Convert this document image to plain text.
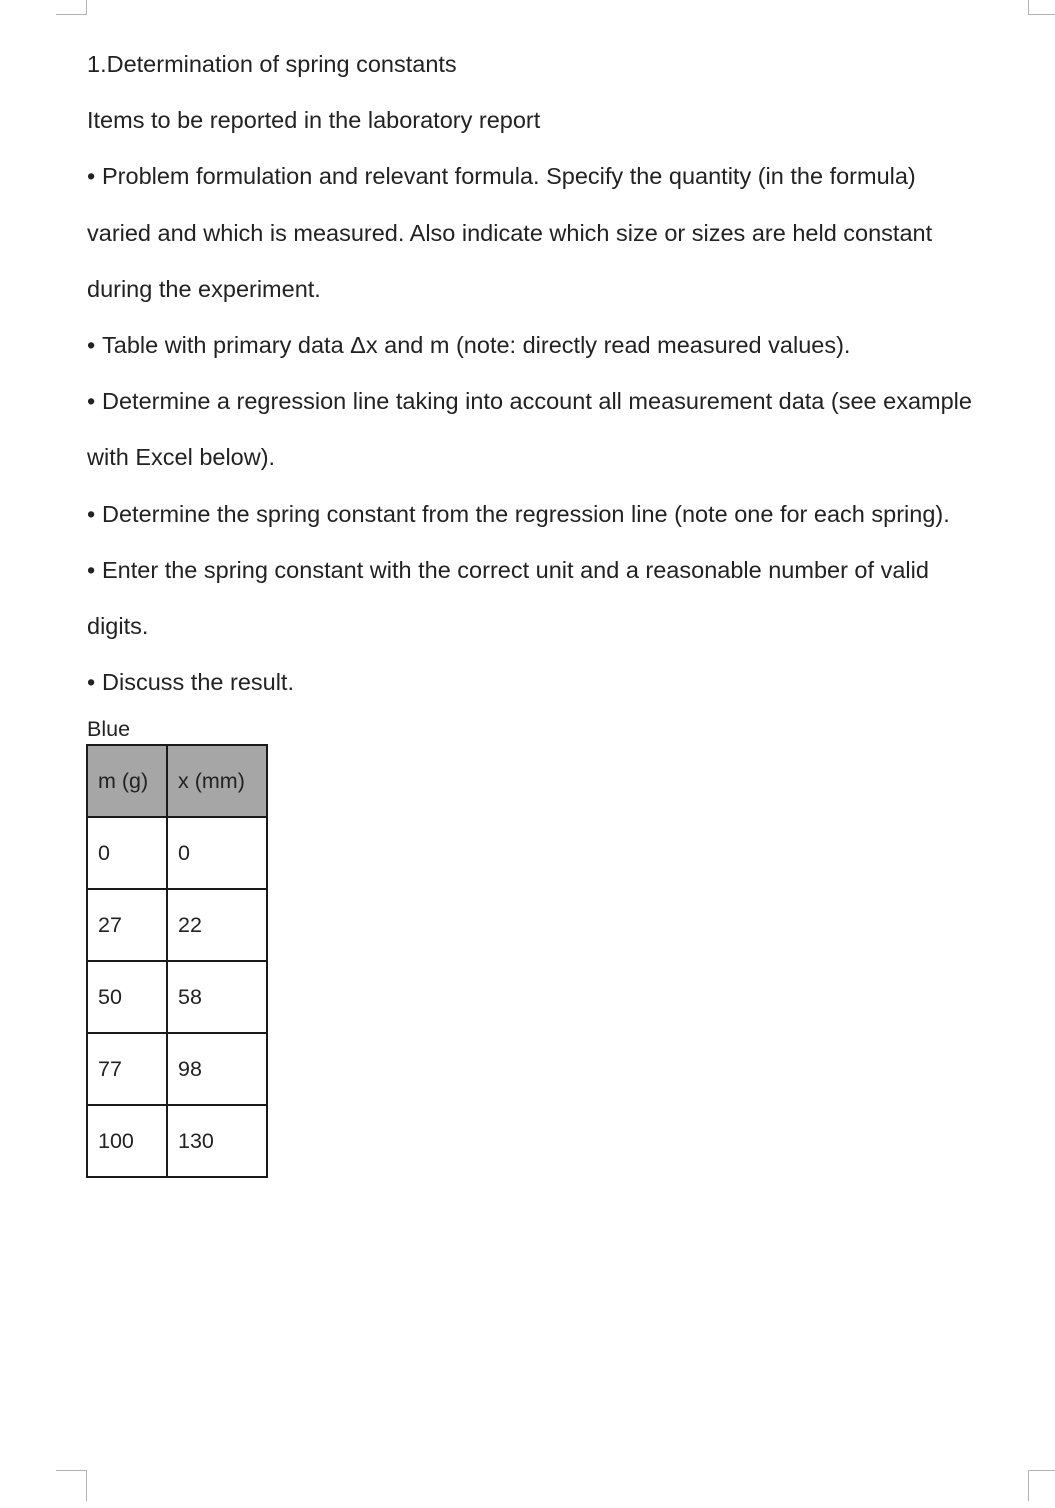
1.Determination of spring constants

Items to be reported in the laboratory report

• Problem formulation and relevant formula. Specify the quantity (in the formula)

varied and which is measured. Also indicate which size or sizes are held constant

during the experiment.

• Table with primary data Δx and m (note: directly read measured values).

• Determine a regression line taking into account all measurement data (see example

with Excel below).

• Determine the spring constant from the regression line (note one for each spring).

• Enter the spring constant with the correct unit and a reasonable number of valid

digits.

• Discuss the result.

Blue

m (g)	x (mm)
0	0
27	22
50	58
77	98
100	130
